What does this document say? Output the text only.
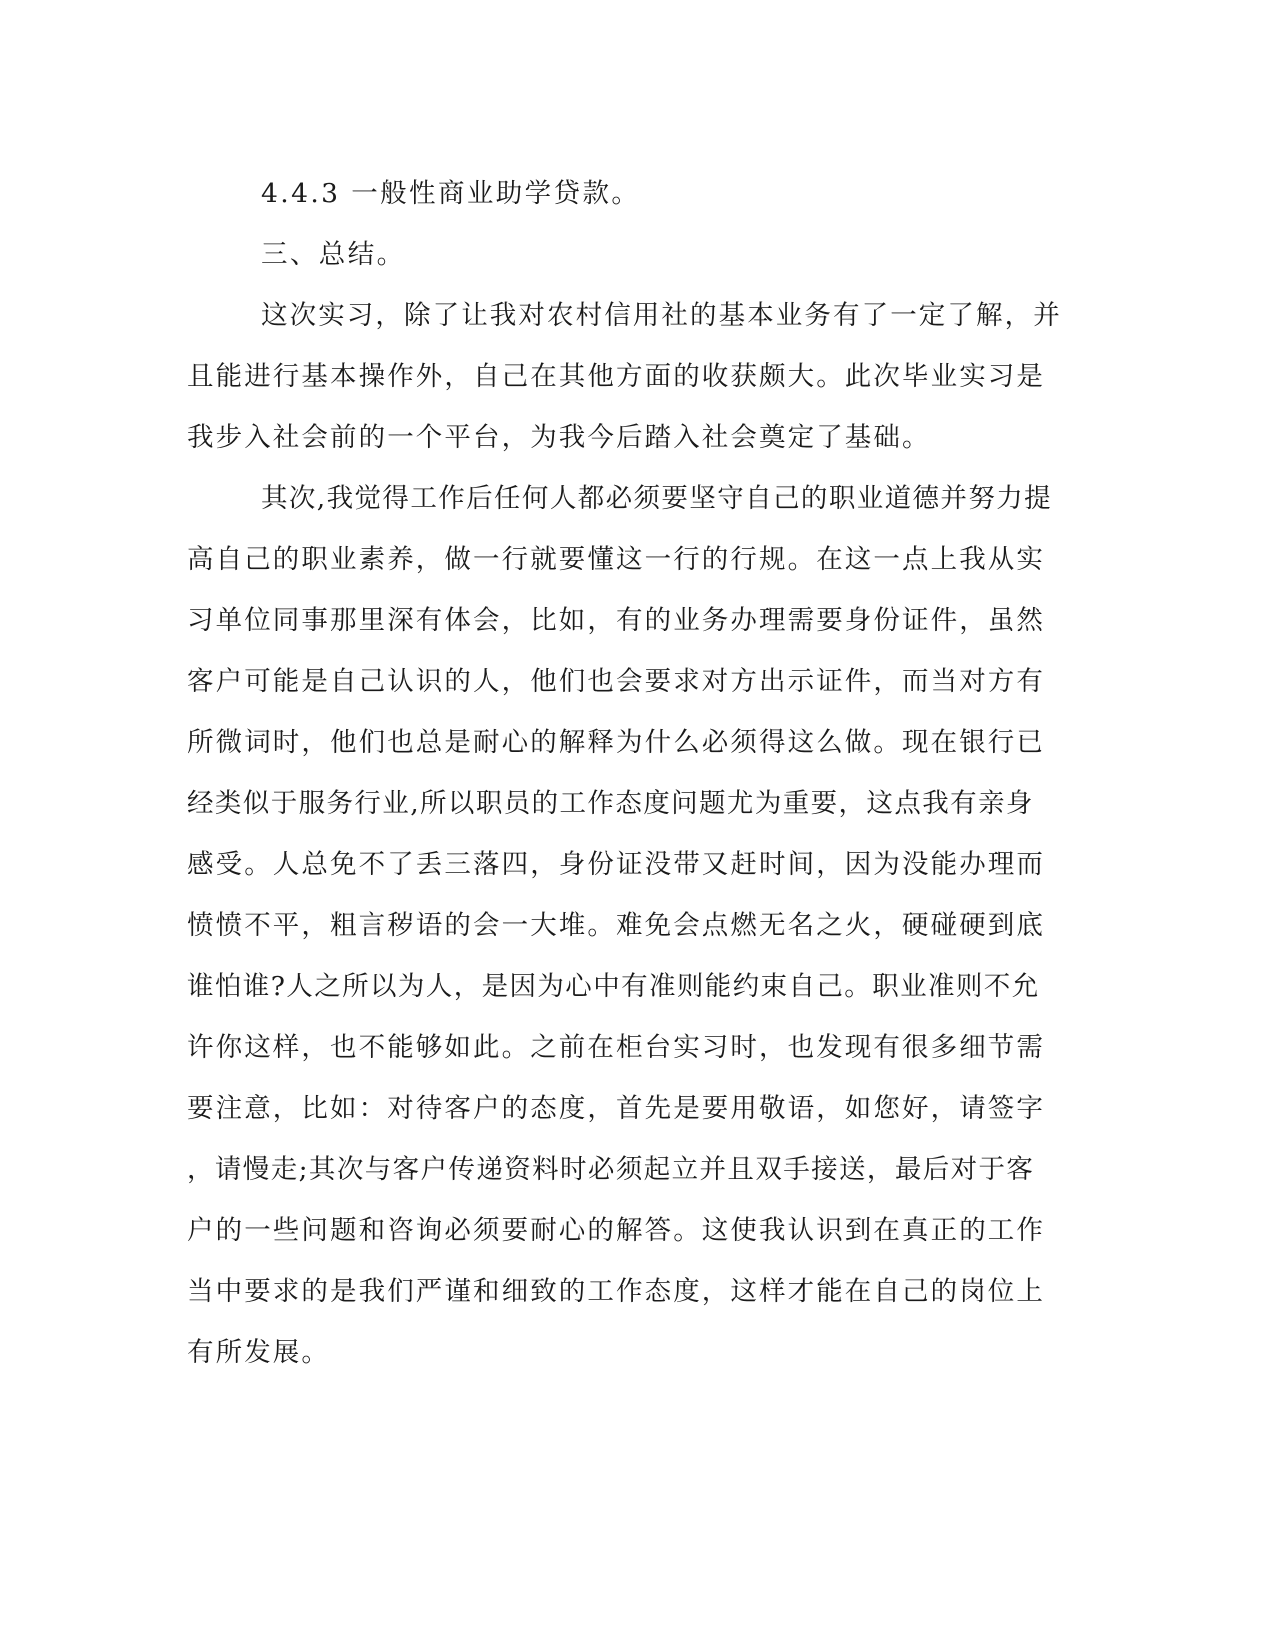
4.4.3 一般性商业助学贷款。
三、总结。
这次实习，除了让我对农村信用社的基本业务有了一定了解，并
且能进行基本操作外，自己在其他方面的收获颇大。此次毕业实习是
我步入社会前的一个平台，为我今后踏入社会奠定了基础。
其次,我觉得工作后任何人都必须要坚守自己的职业道德并努力提
高自己的职业素养，做一行就要懂这一行的行规。在这一点上我从实
习单位同事那里深有体会，比如，有的业务办理需要身份证件，虽然
客户可能是自己认识的人，他们也会要求对方出示证件，而当对方有
所微词时，他们也总是耐心的解释为什么必须得这么做。现在银行已
经类似于服务行业,所以职员的工作态度问题尤为重要，这点我有亲身
感受。人总免不了丢三落四，身份证没带又赶时间，因为没能办理而
愤愤不平，粗言秽语的会一大堆。难免会点燃无名之火，硬碰硬到底
谁怕谁?人之所以为人，是因为心中有准则能约束自己。职业准则不允
许你这样，也不能够如此。之前在柜台实习时，也发现有很多细节需
要注意，比如：对待客户的态度，首先是要用敬语，如您好，请签字
，请慢走;其次与客户传递资料时必须起立并且双手接送，最后对于客
户的一些问题和咨询必须要耐心的解答。这使我认识到在真正的工作
当中要求的是我们严谨和细致的工作态度，这样才能在自己的岗位上
有所发展。
